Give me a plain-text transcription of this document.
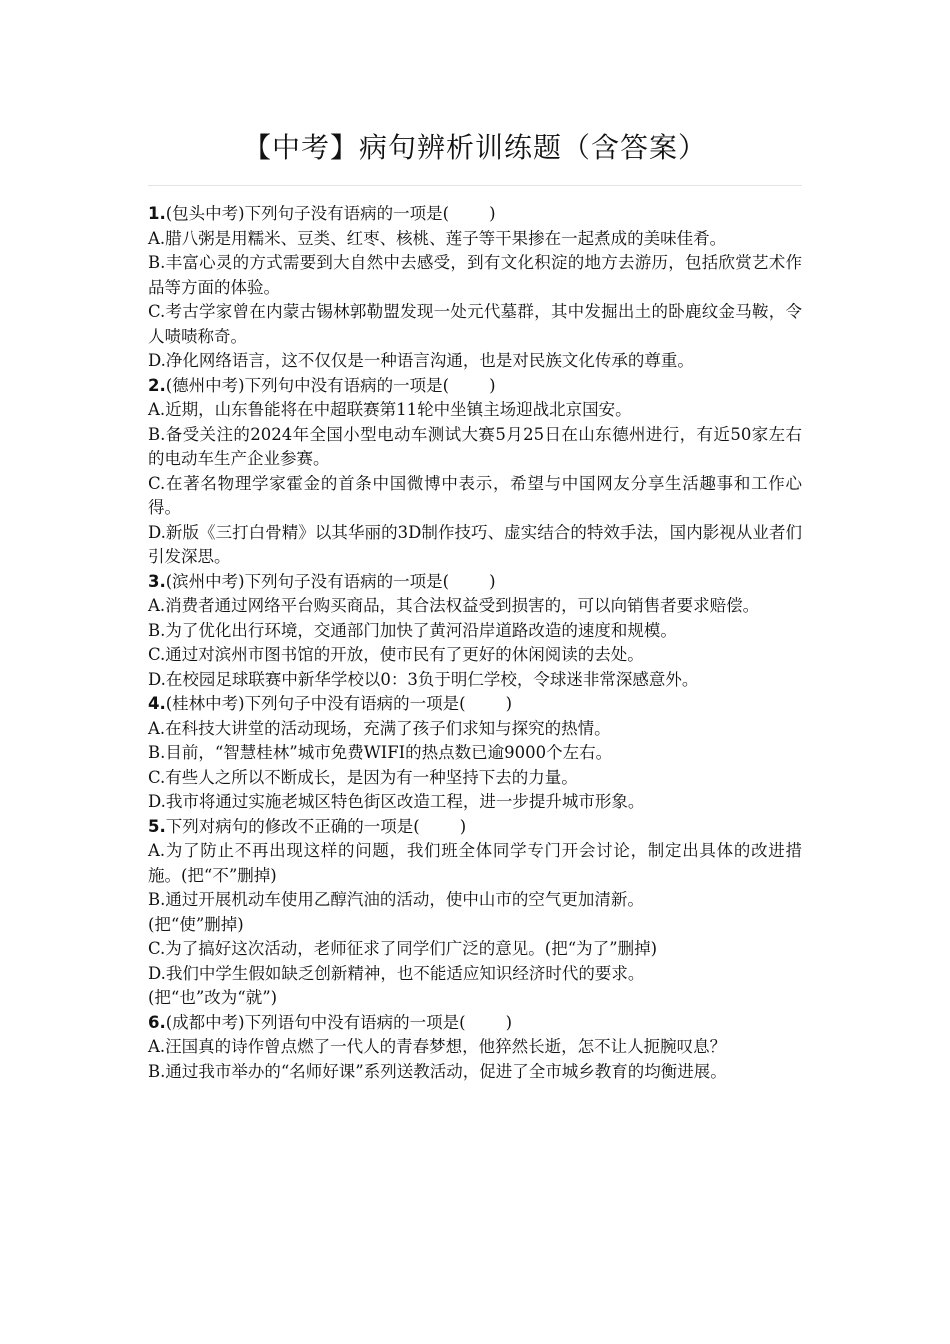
【中考】病句辨析训练题（含答案）
1.(包头中考)下列句子没有语病的一项是( )
A.腊八粥是用糯米、豆类、红枣、核桃、莲子等干果掺在一起煮成的美味佳肴。
B.丰富心灵的方式需要到大自然中去感受，到有文化积淀的地方去游历，包括欣赏艺术作品等方面的体验。
C.考古学家曾在内蒙古锡林郭勒盟发现一处元代墓群，其中发掘出土的卧鹿纹金马鞍，令人啧啧称奇。
D.净化网络语言，这不仅仅是一种语言沟通，也是对民族文化传承的尊重。
2.(德州中考)下列句中没有语病的一项是( )
A.近期，山东鲁能将在中超联赛第11轮中坐镇主场迎战北京国安。
B.备受关注的2024年全国小型电动车测试大赛5月25日在山东德州进行，有近50家左右的电动车生产企业参赛。
C.在著名物理学家霍金的首条中国微博中表示，希望与中国网友分享生活趣事和工作心得。
D.新版《三打白骨精》以其华丽的3D制作技巧、虚实结合的特效手法，国内影视从业者们引发深思。
3.(滨州中考)下列句子没有语病的一项是( )
A.消费者通过网络平台购买商品，其合法权益受到损害的，可以向销售者要求赔偿。
B.为了优化出行环境，交通部门加快了黄河沿岸道路改造的速度和规模。
C.通过对滨州市图书馆的开放，使市民有了更好的休闲阅读的去处。
D.在校园足球联赛中新华学校以0：3负于明仁学校，令球迷非常深感意外。
4.(桂林中考)下列句子中没有语病的一项是( )
A.在科技大讲堂的活动现场，充满了孩子们求知与探究的热情。
B.目前，“智慧桂林”城市免费WIFI的热点数已逾9000个左右。
C.有些人之所以不断成长，是因为有一种坚持下去的力量。
D.我市将通过实施老城区特色街区改造工程，进一步提升城市形象。
5.下列对病句的修改不正确的一项是( )
A.为了防止不再出现这样的问题，我们班全体同学专门开会讨论，制定出具体的改进措施。(把“不”删掉)
B.通过开展机动车使用乙醇汽油的活动，使中山市的空气更加清新。
(把“使”删掉)
C.为了搞好这次活动，老师征求了同学们广泛的意见。(把“为了”删掉)
D.我们中学生假如缺乏创新精神，也不能适应知识经济时代的要求。
(把“也”改为“就”)
6.(成都中考)下列语句中没有语病的一项是( )
A.汪国真的诗作曾点燃了一代人的青春梦想，他猝然长逝，怎不让人扼腕叹息？
B.通过我市举办的“名师好课”系列送教活动，促进了全市城乡教育的均衡进展。
